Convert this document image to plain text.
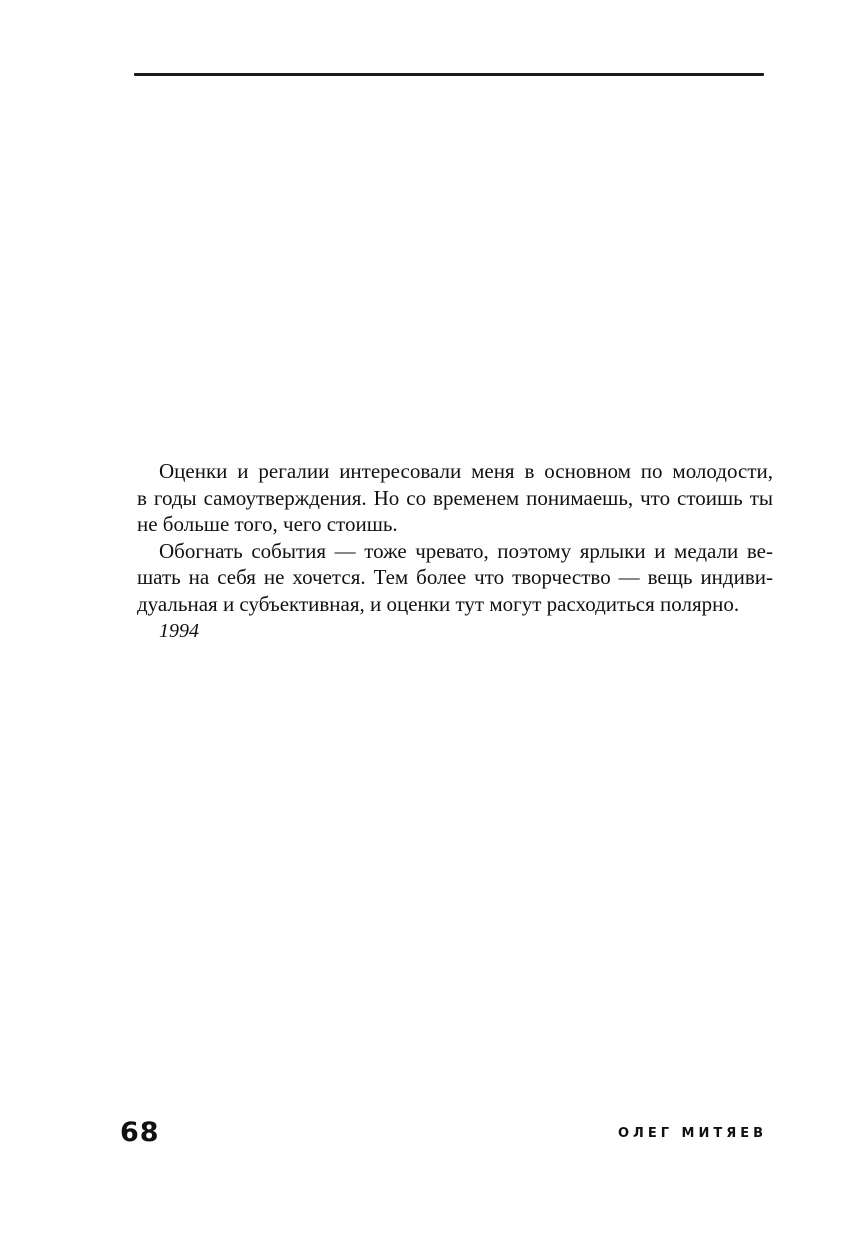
Оценки и регалии интересовали меня в основном по молодости,
в годы самоутверждения. Но со временем понимаешь, что стоишь ты
не больше того, чего стоишь.
Обогнать события — тоже чревато, поэтому ярлыки и медали ве-
шать на себя не хочется. Тем более что творчество — вещь индиви-
дуальная и субъективная, и оценки тут могут расходиться полярно.
1994
68	ОЛЕГ МИТЯЕВ
